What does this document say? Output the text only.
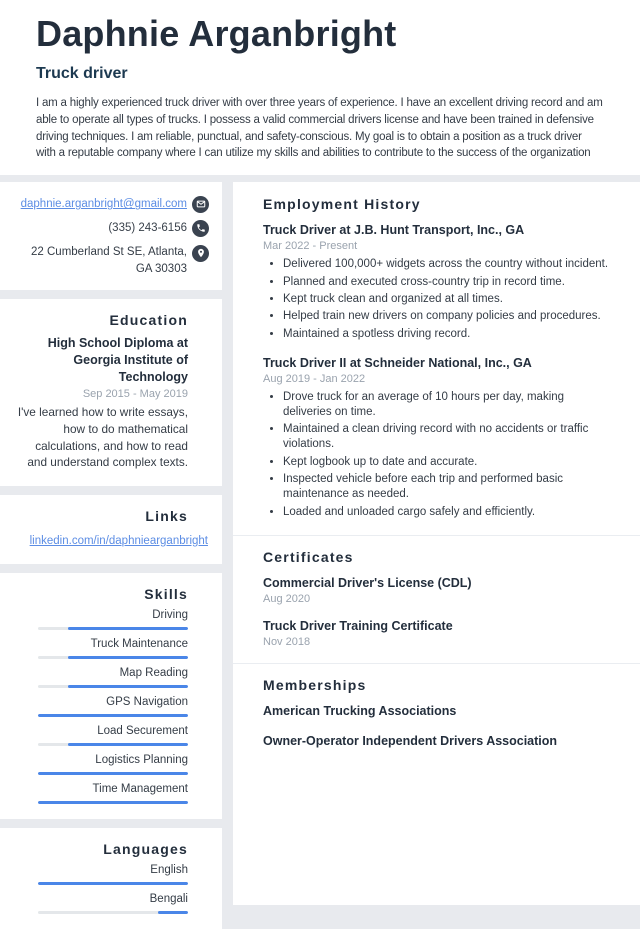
Daphnie Arganbright
Truck driver
I am a highly experienced truck driver with over three years of experience. I have an excellent driving record and am able to operate all types of trucks. I possess a valid commercial drivers license and have been trained in defensive driving techniques. I am reliable, punctual, and safety-conscious. My goal is to obtain a position as a truck driver with a reputable company where I can utilize my skills and abilities to contribute to the success of the organization
daphnie.arganbright@gmail.com
(335) 243-6156
22 Cumberland St SE, Atlanta,
GA 30303
Education
High School Diploma at Georgia Institute of Technology
Sep 2015 - May 2019
I've learned how to write essays, how to do mathematical calculations, and how to read and understand complex texts.
Links
linkedin.com/in/daphniearganbright
Skills
Driving
Truck Maintenance
Map Reading
GPS Navigation
Load Securement
Logistics Planning
Time Management
Languages
English
Bengali
Employment History
Truck Driver at J.B. Hunt Transport, Inc., GA
Mar 2022 - Present
• Delivered 100,000+ widgets across the country without incident.
• Planned and executed cross-country trip in record time.
• Kept truck clean and organized at all times.
• Helped train new drivers on company policies and procedures.
• Maintained a spotless driving record.
Truck Driver II at Schneider National, Inc., GA
Aug 2019 - Jan 2022
• Drove truck for an average of 10 hours per day, making deliveries on time.
• Maintained a clean driving record with no accidents or traffic violations.
• Kept logbook up to date and accurate.
• Inspected vehicle before each trip and performed basic maintenance as needed.
• Loaded and unloaded cargo safely and efficiently.
Certificates
Commercial Driver's License (CDL)
Aug 2020
Truck Driver Training Certificate
Nov 2018
Memberships
American Trucking Associations
Owner-Operator Independent Drivers Association
